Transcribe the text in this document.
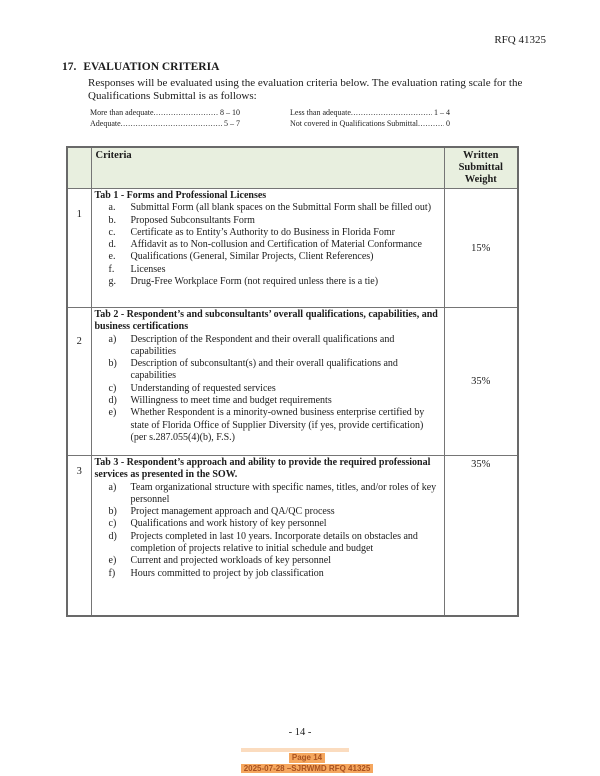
RFQ 41325
17. EVALUATION CRITERIA

Responses will be evaluated using the evaluation criteria below. The evaluation rating scale for the Qualifications Submittal is as follows:

More than adequate .....	8 – 10
Adequate .....	5 – 7
Less than adequate .....	1 – 4
Not covered in Qualifications Submittal .....	0
	Criteria	Written Submittal Weight
1	
Tab 1 - Forms and Professional Licenses
a.	Submittal Form (all blank spaces on the Submittal Form shall be filled out)
b.	Proposed Subconsultants Form
c.	Certificate as to Entity’s Authority to do Business in Florida Fomr
d.	Affidavit as to Non-collusion and Certification of Material Conformance
e.	Qualifications (General, Similar Projects, Client References)
f.	Licenses
g.	Drug-Free Workplace Form (not required unless there is a tie)
	15%
2	
Tab 2 - Respondent’s and subconsultants’ overall qualifications, capabilities, and business certifications
a)	Description of the Respondent and their overall qualifications and capabilities
b)	Description of subconsultant(s) and their overall qualifications and capabilities
c)	Understanding of requested services
d)	Willingness to meet time and budget requirements
e)	Whether Respondent is a minority-owned business enterprise certified by state of Florida Office of Supplier Diversity (if yes, provide certification) (per s.287.055(4)(b), F.S.)
	35%
3	
Tab 3 - Respondent’s approach and ability to provide the required professional services as presented in the SOW.
a)	Team organizational structure with specific names, titles, and/or roles of key personnel
b)	Project management approach and QA/QC process
c)	Qualifications and work history of key personnel
d)	Projects completed in last 10 years. Incorporate details on obstacles and completion of projects relative to initial schedule and budget
e)	Current and projected workloads of key personnel
f)	Hours committed to project by job classification
	35%
- 14 -
Page 14
2025-07-28 –SJRWMD RFQ 41325
